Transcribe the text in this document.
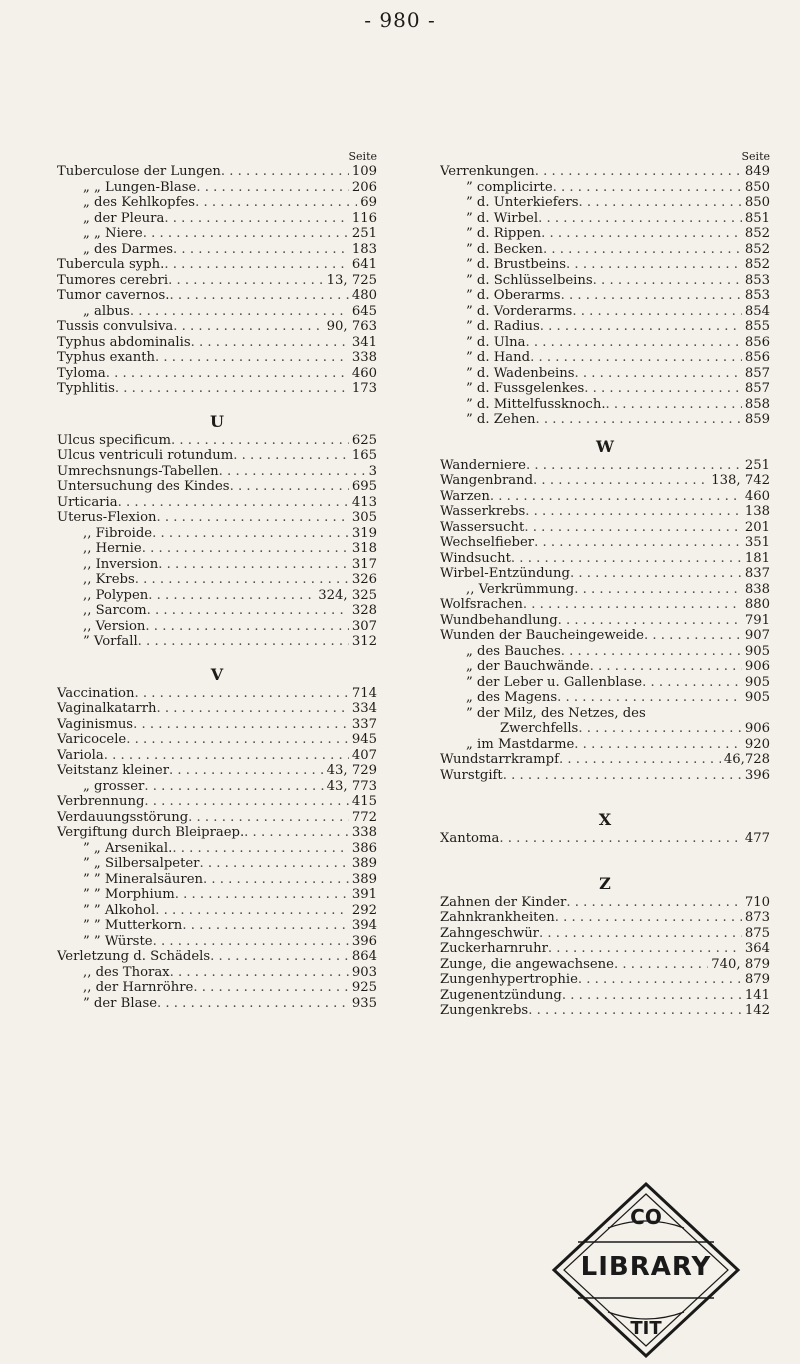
- 980 -
Seite
Tuberculose der Lungen . . .	109
„ „ Lungen-Blase . . .	206
„ des Kehlkopfes . . .	69
„ der Pleura . . .	116
„ „ Niere . . .	251
„ des Darmes . . .	183
Tubercula syph. . . .	641
Tumores cerebri . . .	13, 725
Tumor cavernos. . . .	480
„ albus . . .	645
Tussis convulsiva . . .	90, 763
Typhus abdominalis . . .	341
Typhus exanth . . .	338
Tyloma . . .	460
Typhlitis . . .	173
U
Ulcus specificum . . .	625
Ulcus ventriculi rotundum . . .	165
Umrechsnungs-Tabellen . . .	3
Untersuchung des Kindes . . .	695
Urticaria . . .	413
Uterus-Flexion . . .	305
,, Fibroide . . .	319
,, Hernie . . .	318
,, Inversion . . .	317
,, Krebs . . .	326
,, Polypen . . .	324, 325
,, Sarcom . . .	328
,, Version . . .	307
” Vorfall . . .	312
V
Vaccination . . .	714
Vaginalkatarrh . . .	334
Vaginismus . . .	337
Varicocele . . .	945
Variola . . .	407
Veitstanz kleiner . . .	43, 729
„ grosser . . .	43, 773
Verbrennung . . .	415
Verdauungsstörung . . .	772
Vergiftung durch Bleipraep. . . .	338
” „ Arsenikal. . . .	386
” „ Silbersalpeter . . .	389
” ” Mineralsäuren . . .	389
” ” Morphium . . .	391
” ” Alkohol . . .	292
” ” Mutterkorn . . .	394
” ” Würste . . .	396
Verletzung d. Schädels . . .	864
,, des Thorax . . .	903
,, der Harnröhre . . .	925
” der Blase . . .	935
Seite
Verrenkungen . . .	849
” complicirte . . .	850
” d. Unterkiefers . . .	850
” d. Wirbel . . .	851
” d. Rippen . . .	852
” d. Becken . . .	852
” d. Brustbeins . . .	852
” d. Schlüsselbeins . . .	853
” d. Oberarms . . .	853
” d. Vorderarms . . .	854
” d. Radius . . .	855
” d. Ulna . . .	856
” d. Hand . . .	856
” d. Wadenbeins . . .	857
” d. Fussgelenkes . . .	857
” d. Mittelfussknoch. . . .	858
” d. Zehen . . .	859
W
Wanderniere . . .	251
Wangenbrand . . .	138, 742
Warzen . . .	460
Wasserkrebs . . .	138
Wassersucht . . .	201
Wechselfieber . . .	351
Windsucht . . .	181
Wirbel-Entzündung . . .	837
,, Verkrümmung . . .	838
Wolfsrachen . . .	880
Wundbehandlung . . .	791
Wunden der Baucheingeweide . . .	907
„ des Bauches . . .	905
„ der Bauchwände . . .	906
” der Leber u. Gallenblase . . .	905
„ des Magens . . .	905
” der Milz, des Netzes, des
Zwerchfells . . .	906
„ im Mastdarme . . .	920
Wundstarrkrampf . . .	46,728
Wurstgift . . .	396
X
Xantoma . . .	477
Z
Zahnen der Kinder . . .	710
Zahnkrankheiten . . .	873
Zahngeschwür . . .	875
Zuckerharnruhr . . .	364
Zunge, die angewachsene . . .	740, 879
Zungenhypertrophie . . .	879
Zugenentzündung . . .	141
Zungenkrebs . . .	142
CO
TIT
LIBRARY
